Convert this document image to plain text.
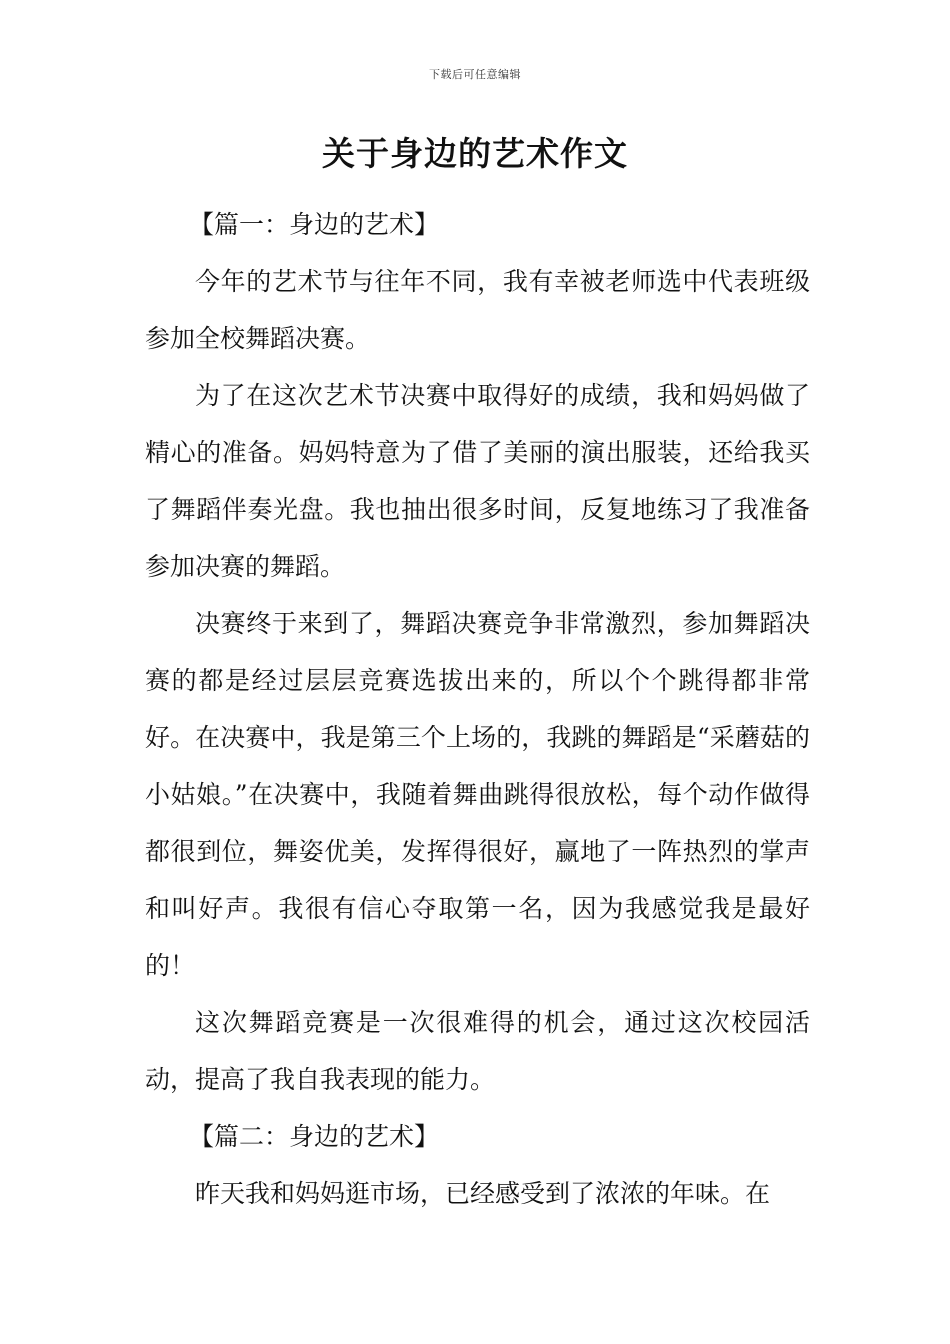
下载后可任意编辑
关于身边的艺术作文
【篇一：身边的艺术】

今年的艺术节与往年不同，我有幸被老师选中代表班级参加全校舞蹈决赛。

为了在这次艺术节决赛中取得好的成绩，我和妈妈做了精心的准备。妈妈特意为了借了美丽的演出服装，还给我买了舞蹈伴奏光盘。我也抽出很多时间，反复地练习了我准备参加决赛的舞蹈。

决赛终于来到了，舞蹈决赛竞争非常激烈，参加舞蹈决赛的都是经过层层竞赛选拔出来的，所以个个跳得都非常好。在决赛中，我是第三个上场的，我跳的舞蹈是“采蘑菇的小姑娘。”在决赛中，我随着舞曲跳得很放松，每个动作做得都很到位，舞姿优美，发挥得很好，赢地了一阵热烈的掌声和叫好声。我很有信心夺取第一名，因为我感觉我是最好的！

这次舞蹈竞赛是一次很难得的机会，通过这次校园活动，提高了我自我表现的能力。

【篇二：身边的艺术】

昨天我和妈妈逛市场，已经感受到了浓浓的年味。在
